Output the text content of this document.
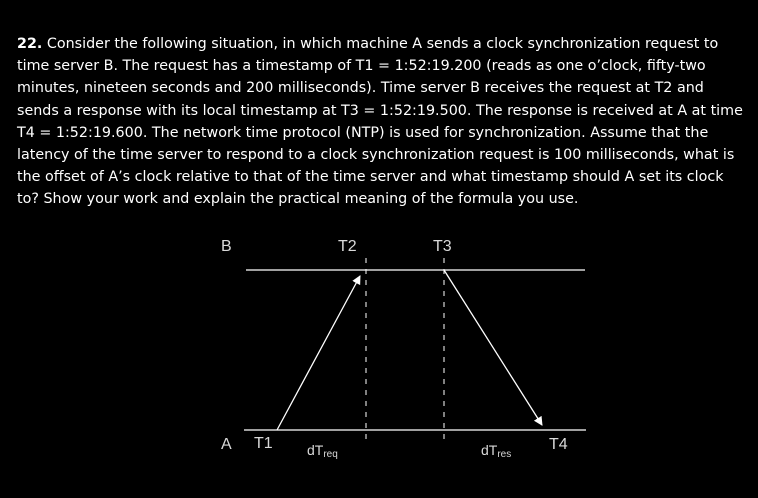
22. Consider the following situation, in which machine A sends a clock synchronization request to time server B. The request has a timestamp of T1 = 1:52:19.200 (reads as one o’clock, fifty-two minutes, nineteen seconds and 200 milliseconds). Time server B receives the request at T2 and sends a response with its local timestamp at T3 = 1:52:19.500. The response is received at A at time T4 = 1:52:19.600. The network time protocol (NTP) is used for synchronization. Assume that the latency of the time server to respond to a clock synchronization request is 100 milliseconds, what is the offset of A’s clock relative to that of the time server and what timestamp should A set its clock to? Show your work and explain the practical meaning of the formula you use.

B	T2	T3
A T1 dTreq	dTres
T4
